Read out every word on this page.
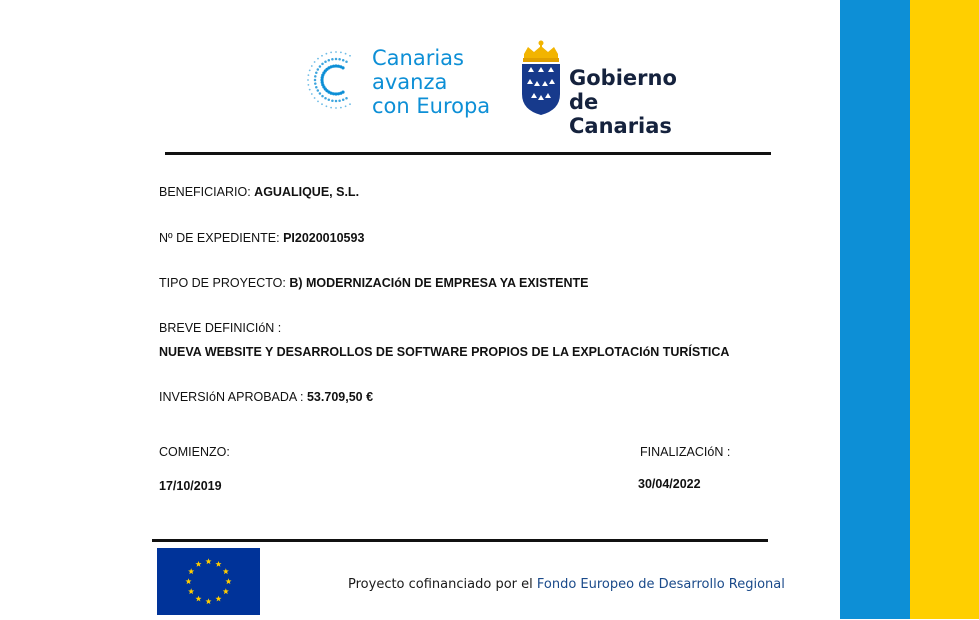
Canarias
avanza
con Europa
Gobierno
de Canarias
BENEFICIARIO: AGUALIQUE, S.L.
Nº DE EXPEDIENTE: PI2020010593
TIPO DE PROYECTO: B) MODERNIZACIóN DE EMPRESA YA EXISTENTE
BREVE DEFINICIóN :
NUEVA WEBSITE Y DESARROLLOS DE SOFTWARE PROPIOS DE LA EXPLOTACIóN TURÍSTICA
INVERSIóN APROBADA : 53.709,50 €
COMIENZO:
17/10/2019
FINALIZACIóN :
30/04/2022
Proyecto cofinanciado por el Fondo Europeo de Desarrollo Regional
